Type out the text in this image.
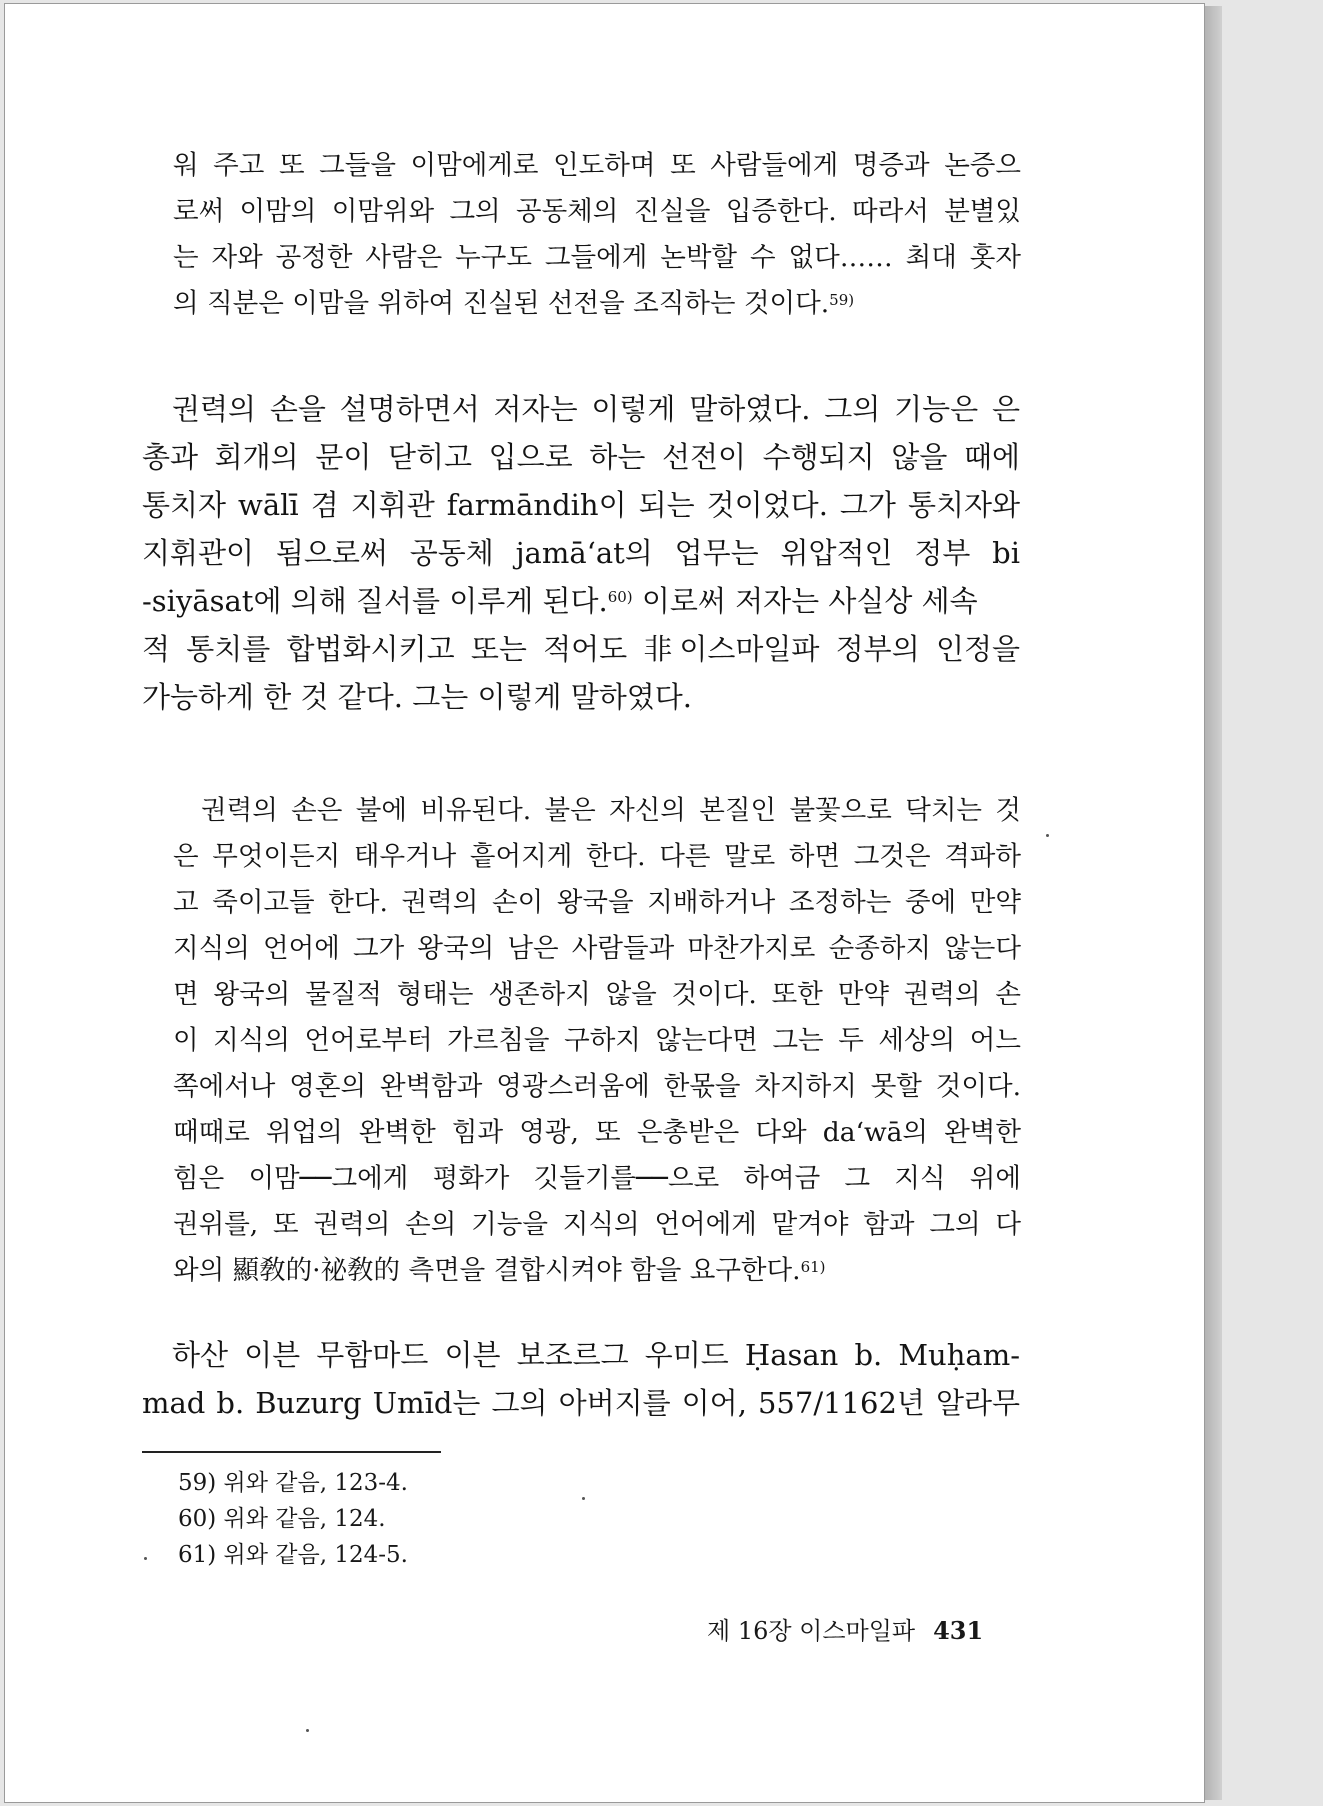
워 주고 또 그들을 이맘에게로 인도하며 또 사람들에게 명증과 논증으

로써 이맘의 이맘위와 그의 공동체의 진실을 입증한다. 따라서 분별있

는 자와 공정한 사람은 누구도 그들에게 논박할 수 없다…… 최대 홋자

의 직분은 이맘을 위하여 진실된 선전을 조직하는 것이다.$^{59)}$

권력의 손을 설명하면서 저자는 이렇게 말하였다. 그의 기능은 은

총과 회개의 문이 닫히고 입으로 하는 선전이 수행되지 않을 때에

통치자 wālī 겸 지휘관 farmāndih이 되는 것이었다. 그가 통치자와

지휘관이 됨으로써 공동체 jamā‘at의 업무는 위압적인 정부 bi

-siyāsat에 의해 질서를 이루게 된다.$^{60)}$ 이로써 저자는 사실상 세속

적 통치를 합법화시키고 또는 적어도 非이스마일파 정부의 인정을

가능하게 한 것 같다. 그는 이렇게 말하였다.

권력의 손은 불에 비유된다. 불은 자신의 본질인 불꽃으로 닥치는 것

은 무엇이든지 태우거나 흩어지게 한다. 다른 말로 하면 그것은 격파하

고 죽이고들 한다. 권력의 손이 왕국을 지배하거나 조정하는 중에 만약

지식의 언어에 그가 왕국의 남은 사람들과 마찬가지로 순종하지 않는다

면 왕국의 물질적 형태는 생존하지 않을 것이다. 또한 만약 권력의 손

이 지식의 언어로부터 가르침을 구하지 않는다면 그는 두 세상의 어느

쪽에서나 영혼의 완벽함과 영광스러움에 한몫을 차지하지 못할 것이다.

때때로 위업의 완벽한 힘과 영광, 또 은총받은 다와 da‘wā의 완벽한

힘은 이맘──그에게 평화가 깃들기를──으로 하여금 그 지식 위에

권위를, 또 권력의 손의 기능을 지식의 언어에게 맡겨야 함과 그의 다

와의 顯敎的·祕敎的 측면을 결합시켜야 함을 요구한다.$^{61)}$

하산 이븐 무함마드 이븐 보조르그 우미드 Ḥasan b. Muḥam-

mad b. Buzurg Umīd는 그의 아버지를 이어, 557/1162년 알라무

59) 위와 같음, 123-4.

60) 위와 같음, 124.

61) 위와 같음, 124-5.

제 16장 이스마일파 431
